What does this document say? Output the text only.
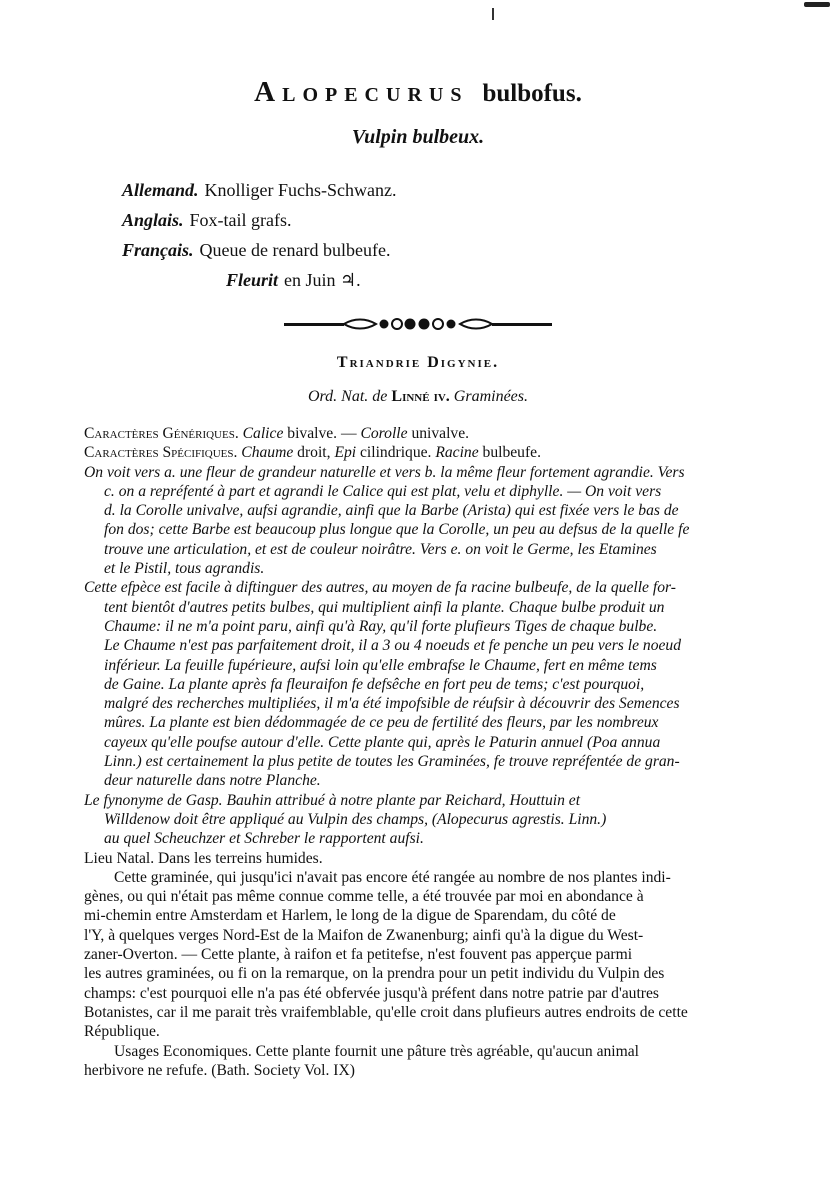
Alopecurus bulbofus.
Vulpin bulbeux.
Allemand. Knolliger Fuchs-Schwanz.
Anglais. Fox-tail grafs.
Français. Queue de renard bulbeufe.
Fleurit en Juin ♃.
Triandrie Digynie.
Ord. Nat. de Linné iv. Graminées.
Caractères Génériques. Calice bivalve. — Corolle univalve.
Caractères Spécifiques. Chaume droit, Epi cilindrique. Racine bulbeufe.
On voit vers a. une fleur de grandeur naturelle et vers b. la même fleur fortement agrandie. Vers
c. on a repréfenté à part et agrandi le Calice qui est plat, velu et diphylle. — On voit vers
d. la Corolle univalve, aufsi agrandie, ainfi que la Barbe (Arista) qui est fixée vers le bas de
fon dos; cette Barbe est beaucoup plus longue que la Corolle, un peu au defsus de la quelle fe
trouve une articulation, et est de couleur noirâtre. Vers e. on voit le Germe, les Etamines
et le Pistil, tous agrandis.
Cette efpèce est facile à diftinguer des autres, au moyen de fa racine bulbeufe, de la quelle for-
tent bientôt d'autres petits bulbes, qui multiplient ainfi la plante. Chaque bulbe produit un
Chaume: il ne m'a point paru, ainfi qu'à Ray, qu'il forte plufieurs Tiges de chaque bulbe.
Le Chaume n'est pas parfaitement droit, il a 3 ou 4 noeuds et fe penche un peu vers le noeud
inférieur. La feuille fupérieure, aufsi loin qu'elle embrafse le Chaume, fert en même tems
de Gaine. La plante après fa fleuraifon fe defsêche en fort peu de tems; c'est pourquoi,
malgré des recherches multipliées, il m'a été impofsible de réufsir à découvrir des Semences
mûres. La plante est bien dédommagée de ce peu de fertilité des fleurs, par les nombreux
cayeux qu'elle poufse autour d'elle. Cette plante qui, après le Paturin annuel (Poa annua
Linn.) est certainement la plus petite de toutes les Graminées, fe trouve repréfentée de gran-
deur naturelle dans notre Planche.
Le fynonyme de Gasp. Bauhin attribué à notre plante par Reichard, Houttuin et
Willdenow doit être appliqué au Vulpin des champs, (Alopecurus agrestis. Linn.)
au quel Scheuchzer et Schreber le rapportent aufsi.
Lieu Natal. Dans les terreins humides.
Cette graminée, qui jusqu'ici n'avait pas encore été rangée au nombre de nos plantes indi-
gènes, ou qui n'était pas même connue comme telle, a été trouvée par moi en abondance à
mi-chemin entre Amsterdam et Harlem, le long de la digue de Sparendam, du côté de
l'Y, à quelques verges Nord-Est de la Maifon de Zwanenburg; ainfi qu'à la digue du West-
zaner-Overton. — Cette plante, à raifon et fa petitefse, n'est fouvent pas apperçue parmi
les autres graminées, ou fi on la remarque, on la prendra pour un petit individu du Vulpin des
champs: c'est pourquoi elle n'a pas été obfervée jusqu'à préfent dans notre patrie par d'autres
Botanistes, car il me parait très vraifemblable, qu'elle croit dans plufieurs autres endroits de cette
République.
Usages Economiques. Cette plante fournit une pâture très agréable, qu'aucun animal
herbivore ne refufe. (Bath. Society Vol. IX)
